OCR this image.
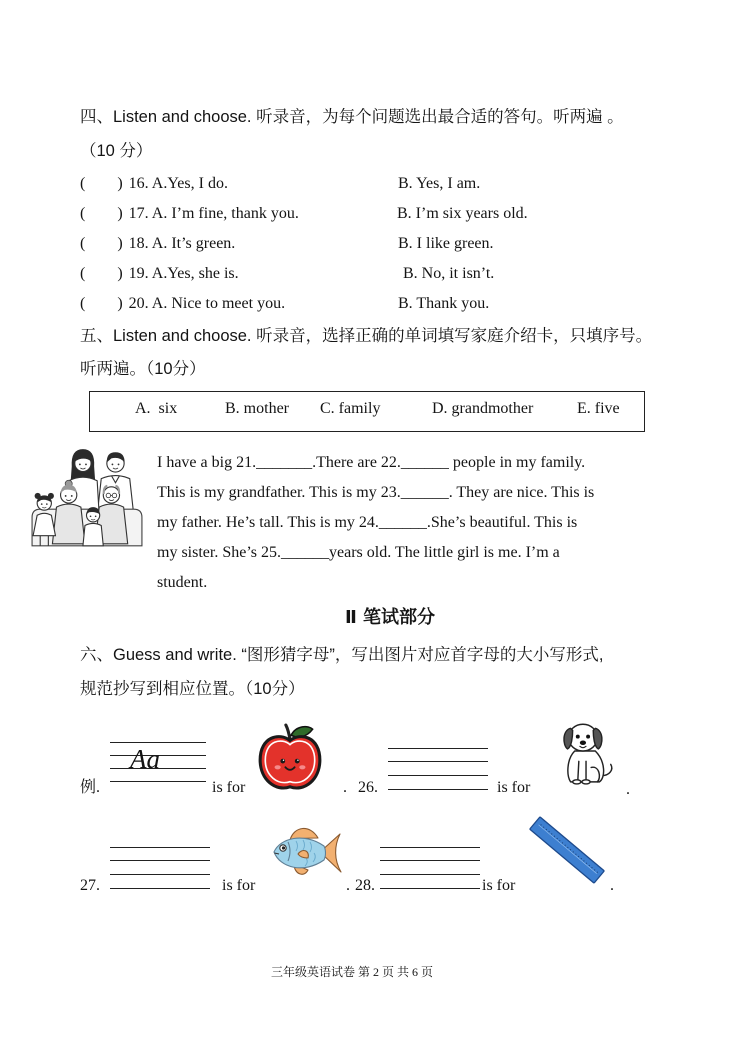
四、Listen and choose. 听录音，为每个问题选出最合适的答句。听两遍 。
（10 分）
(        ) 16. A.Yes, I do.	B. Yes, I am.
(        ) 17. A. I’m fine, thank you.	B. I’m six years old.
(        ) 18. A. It’s green.	B. I like green.
(        ) 19. A.Yes, she is.	B. No, it isn’t.
(        ) 20. A. Nice to meet you.	B. Thank you.
五、Listen and choose. 听录音，选择正确的单词填写家庭介绍卡，只填序号。
听两遍。（10分）
A.  six	B. mother C. family	D. grandmother	E. five
I have a big 21._______.There are 22.______ people in my family.
This is my grandfather. This is my 23.______. They are nice. This is
my father. He’s tall. This is my 24.______.She’s beautiful. This is
my sister. She’s 25.______years old. The little girl is me. I’m a
student.
Ⅱ 笔试部分
六、Guess and write. “图形猜字母”，写出图片对应首字母的大小写形式,
规范抄写到相应位置。（10分）
例.
Aa
is for	. 26.	is for	.
27.	is for	. 28.	is for	.
三年级英语试卷 第 2 页 共 6 页
